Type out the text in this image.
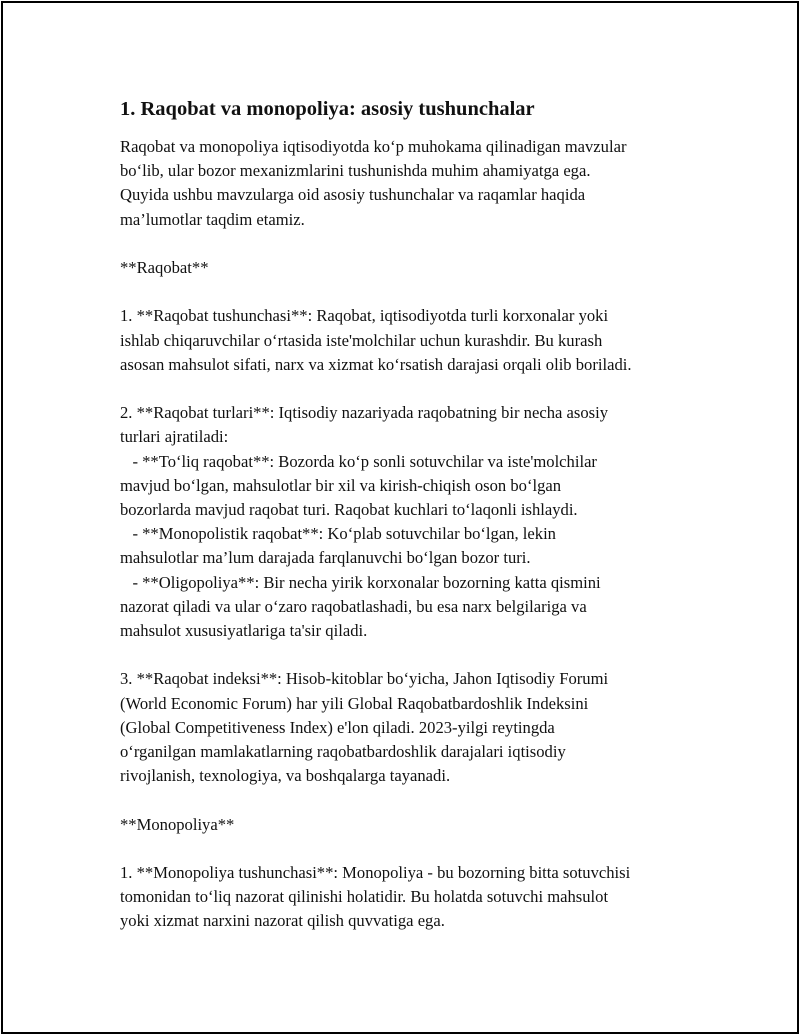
1. Raqobat va monopoliya: asosiy tushunchalar

Raqobat va monopoliya iqtisodiyotda ko‘p muhokama qilinadigan mavzular
bo‘lib, ular bozor mexanizmlarini tushunishda muhim ahamiyatga ega.
Quyida ushbu mavzularga oid asosiy tushunchalar va raqamlar haqida
ma’lumotlar taqdim etamiz.

**Raqobat**

1. **Raqobat tushunchasi**: Raqobat, iqtisodiyotda turli korxonalar yoki
ishlab chiqaruvchilar o‘rtasida iste'molchilar uchun kurashdir. Bu kurash
asosan mahsulot sifati, narx va xizmat ko‘rsatish darajasi orqali olib boriladi.

2. **Raqobat turlari**: Iqtisodiy nazariyada raqobatning bir necha asosiy
turlari ajratiladi:
- **To‘liq raqobat**: Bozorda ko‘p sonli sotuvchilar va iste'molchilar
mavjud bo‘lgan, mahsulotlar bir xil va kirish-chiqish oson bo‘lgan
bozorlarda mavjud raqobat turi. Raqobat kuchlari to‘laqonli ishlaydi.
- **Monopolistik raqobat**: Ko‘plab sotuvchilar bo‘lgan, lekin
mahsulotlar ma’lum darajada farqlanuvchi bo‘lgan bozor turi.
- **Oligopoliya**: Bir necha yirik korxonalar bozorning katta qismini
nazorat qiladi va ular o‘zaro raqobatlashadi, bu esa narx belgilariga va
mahsulot xususiyatlariga ta'sir qiladi.

3. **Raqobat indeksi**: Hisob-kitoblar bo‘yicha, Jahon Iqtisodiy Forumi
(World Economic Forum) har yili Global Raqobatbardoshlik Indeksini
(Global Competitiveness Index) e'lon qiladi. 2023-yilgi reytingda
o‘rganilgan mamlakatlarning raqobatbardoshlik darajalari iqtisodiy
rivojlanish, texnologiya, va boshqalarga tayanadi.

**Monopoliya**

1. **Monopoliya tushunchasi**: Monopoliya - bu bozorning bitta sotuvchisi
tomonidan to‘liq nazorat qilinishi holatidir. Bu holatda sotuvchi mahsulot
yoki xizmat narxini nazorat qilish quvvatiga ega.
